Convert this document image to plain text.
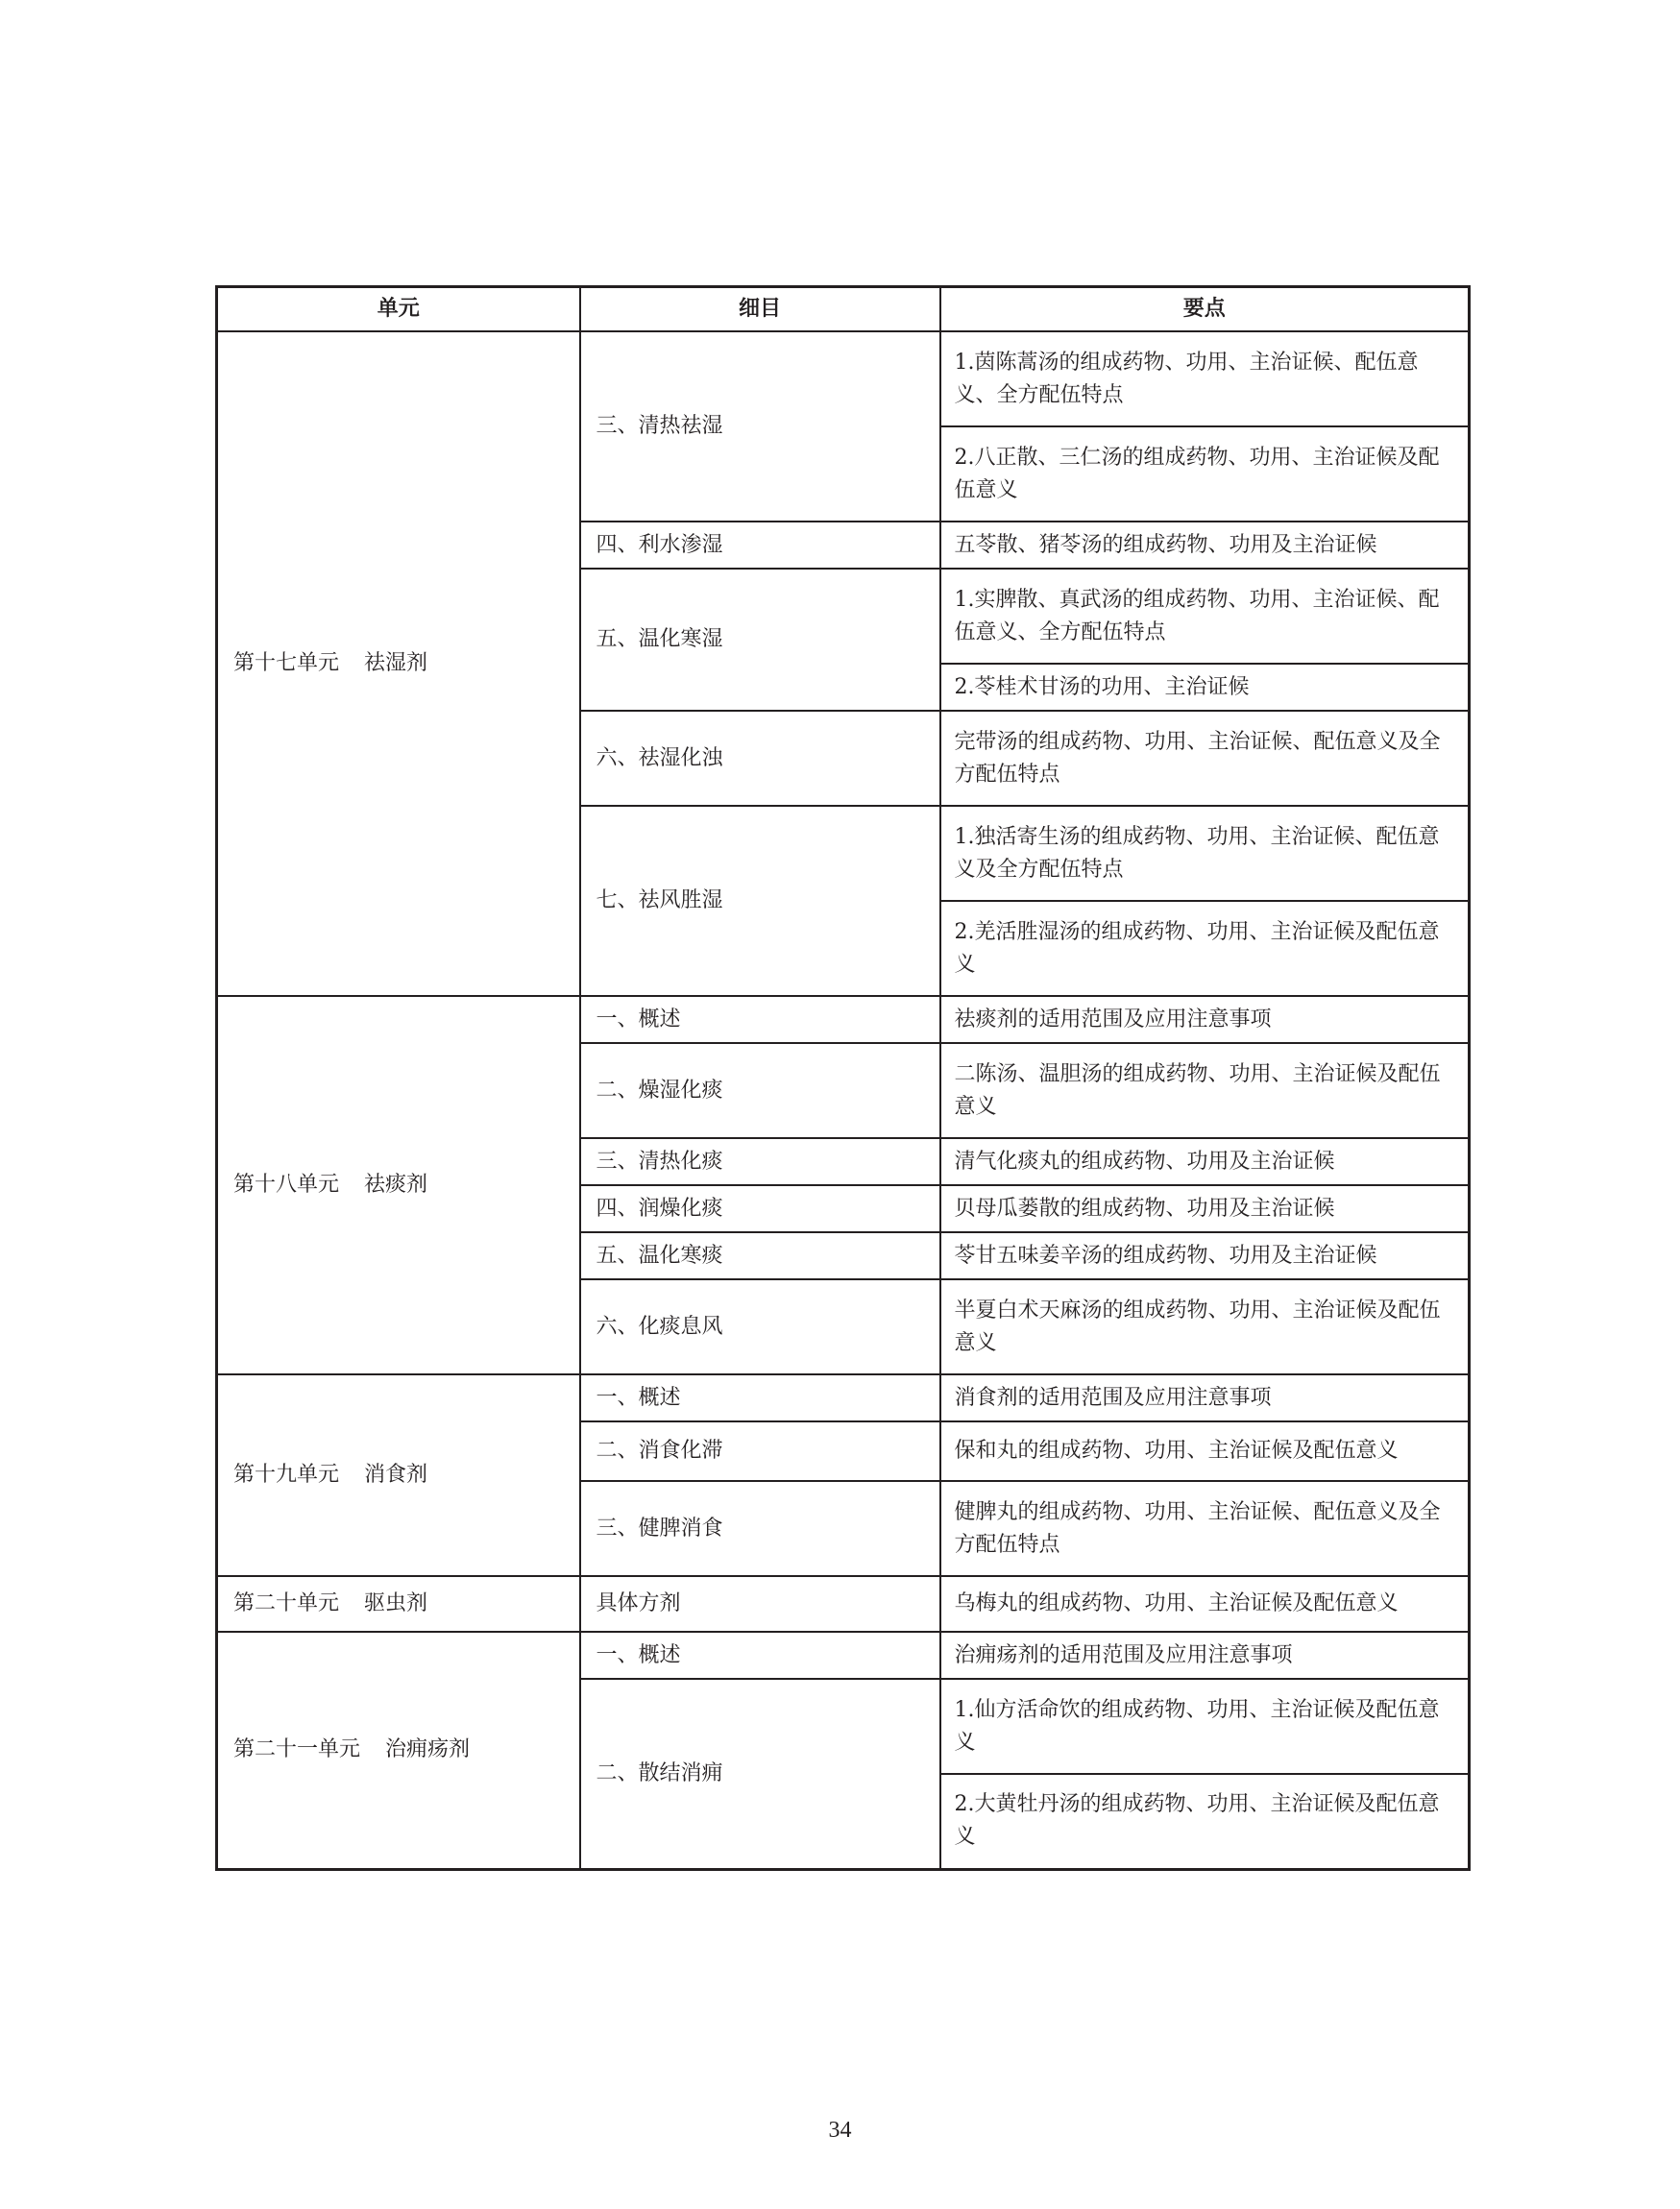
单元	细目	要点
第十七单元 祛湿剂	三、清热祛湿	1.茵陈蒿汤的组成药物、功用、主治证候、配伍意义、全方配伍特点
		2.八正散、三仁汤的组成药物、功用、主治证候及配伍意义
	四、利水渗湿	五苓散、猪苓汤的组成药物、功用及主治证候
	五、温化寒湿	1.实脾散、真武汤的组成药物、功用、主治证候、配伍意义、全方配伍特点
		2.苓桂术甘汤的功用、主治证候
	六、祛湿化浊	完带汤的组成药物、功用、主治证候、配伍意义及全方配伍特点
	七、祛风胜湿	1.独活寄生汤的组成药物、功用、主治证候、配伍意义及全方配伍特点
		2.羌活胜湿汤的组成药物、功用、主治证候及配伍意义
第十八单元 祛痰剂	一、概述	祛痰剂的适用范围及应用注意事项
	二、燥湿化痰	二陈汤、温胆汤的组成药物、功用、主治证候及配伍意义
	三、清热化痰	清气化痰丸的组成药物、功用及主治证候
	四、润燥化痰	贝母瓜蒌散的组成药物、功用及主治证候
	五、温化寒痰	苓甘五味姜辛汤的组成药物、功用及主治证候
	六、化痰息风	半夏白术天麻汤的组成药物、功用、主治证候及配伍意义
第十九单元 消食剂	一、概述	消食剂的适用范围及应用注意事项
	二、消食化滞	保和丸的组成药物、功用、主治证候及配伍意义
	三、健脾消食	健脾丸的组成药物、功用、主治证候、配伍意义及全方配伍特点
第二十单元 驱虫剂	具体方剂	乌梅丸的组成药物、功用、主治证候及配伍意义
第二十一单元 治痈疡剂	一、概述	治痈疡剂的适用范围及应用注意事项
	二、散结消痈	1.仙方活命饮的组成药物、功用、主治证候及配伍意义
		2.大黄牡丹汤的组成药物、功用、主治证候及配伍意义
34
